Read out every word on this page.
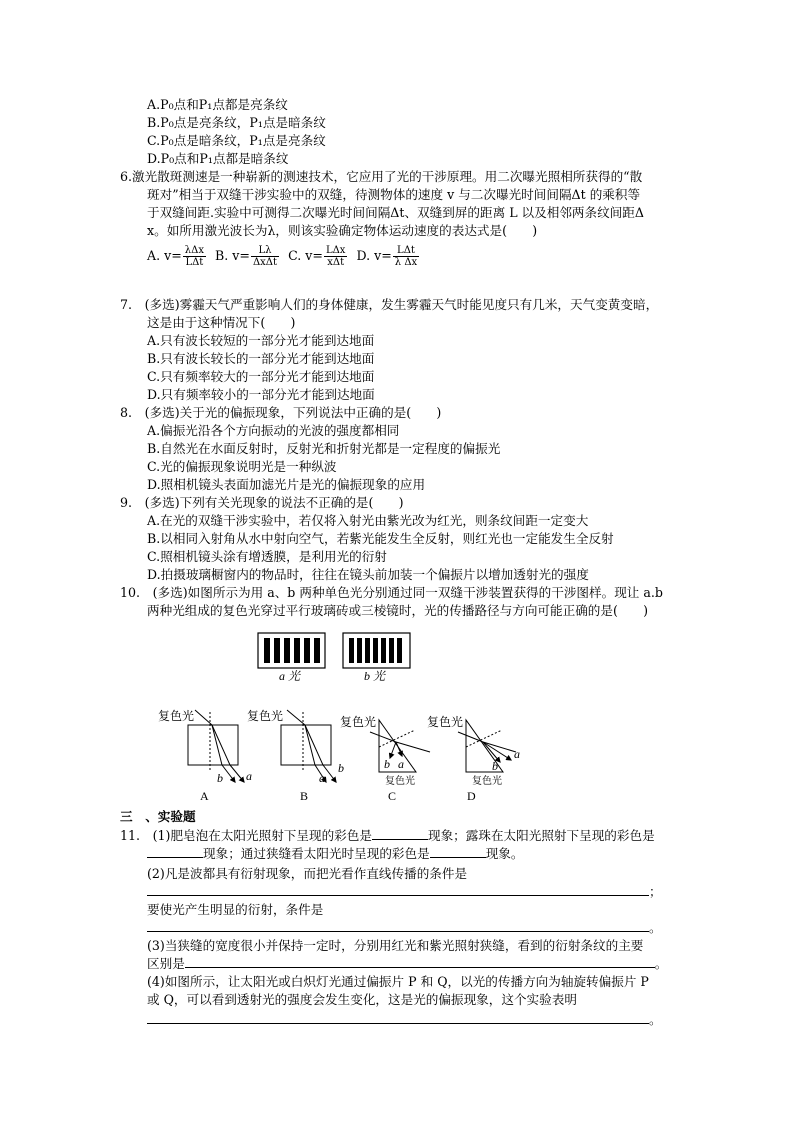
A.P₀点和P₁点都是亮条纹
B.P₀点是亮条纹，P₁点是暗条纹
C.P₀点是暗条纹，P₁点是亮条纹
D.P₀点和P₁点都是暗条纹
6.激光散斑测速是一种崭新的测速技术，它应用了光的干涉原理。用二次曝光照相所获得的“散
斑对”相当于双缝干涉实验中的双缝，待测物体的速度 v 与二次曝光时间间隔Δt 的乘积等
于双缝间距.实验中可测得二次曝光时间间隔Δt、双缝到屏的距离 L 以及相邻两条纹间距Δ
x。如所用激光波长为λ，则该实验确定物体运动速度的表达式是(　　)
A. $v= \frac{\text{λΔx}}{\text{LΔt}} B$. $v= \frac{L\lambda}{\text{ΔxΔt}} C$. $v= \frac{\text{LΔx}}{\text{xΔt}} D$. $v= \frac{\text{LΔt}}{\text{λ Δx}}$
7.　(多选)雾霾天气严重影响人们的身体健康，发生雾霾天气时能见度只有几米，天气变黄变暗，
这是由于这种情况下(　　)
A.只有波长较短的一部分光才能到达地面
B.只有波长较长的一部分光才能到达地面
C.只有频率较大的一部分光才能到达地面
D.只有频率较小的一部分光才能到达地面
8.　(多选)关于光的偏振现象，下列说法中正确的是(　　)
A.偏振光沿各个方向振动的光波的强度都相同
B.自然光在水面反射时，反射光和折射光都是一定程度的偏振光
C.光的偏振现象说明光是一种纵波
D.照相机镜头表面加滤光片是光的偏振现象的应用
9.　(多选)下列有关光现象的说法不正确的是(　　)
A.在光的双缝干涉实验中，若仅将入射光由紫光改为红光，则条纹间距一定变大
B.以相同入射角从水中射向空气，若紫光能发生全反射，则红光也一定能发生全反射
C.照相机镜头涂有增透膜，是利用光的衍射
D.拍摄玻璃橱窗内的物品时，往往在镜头前加装一个偏振片以增加透射光的强度
10.　(多选)如图所示为用 a、b 两种单色光分别通过同一双缝干涉装置获得的干涉图样。现让 a.b
两种光组成的复色光穿过平行玻璃砖或三棱镜时，光的传播路径与方向可能正确的是(　　)
a 光	b 光
复色光
b a
A
复色光
a
b
B
复色光
b a
复色光
C
复色光
b
a
复色光
D
三　、实验题
11.　(1)肥皂泡在太阳光照射下呈现的彩色是	现象；露珠在太阳光照射下呈现的彩色是
现象；通过狭缝看太阳光时呈现的彩色是	现象。
(2)凡是波都具有衍射现象，而把光看作直线传播的条件是
；
要使光产生明显的衍射，条件是
。
(3)当狭缝的宽度很小并保持一定时，分别用红光和紫光照射狭缝，看到的衍射条纹的主要
区别是	。
(4)如图所示，让太阳光或白炽灯光通过偏振片 P 和 Q，以光的传播方向为轴旋转偏振片 P
或 Q，可以看到透射光的强度会发生变化，这是光的偏振现象，这个实验表明
。
